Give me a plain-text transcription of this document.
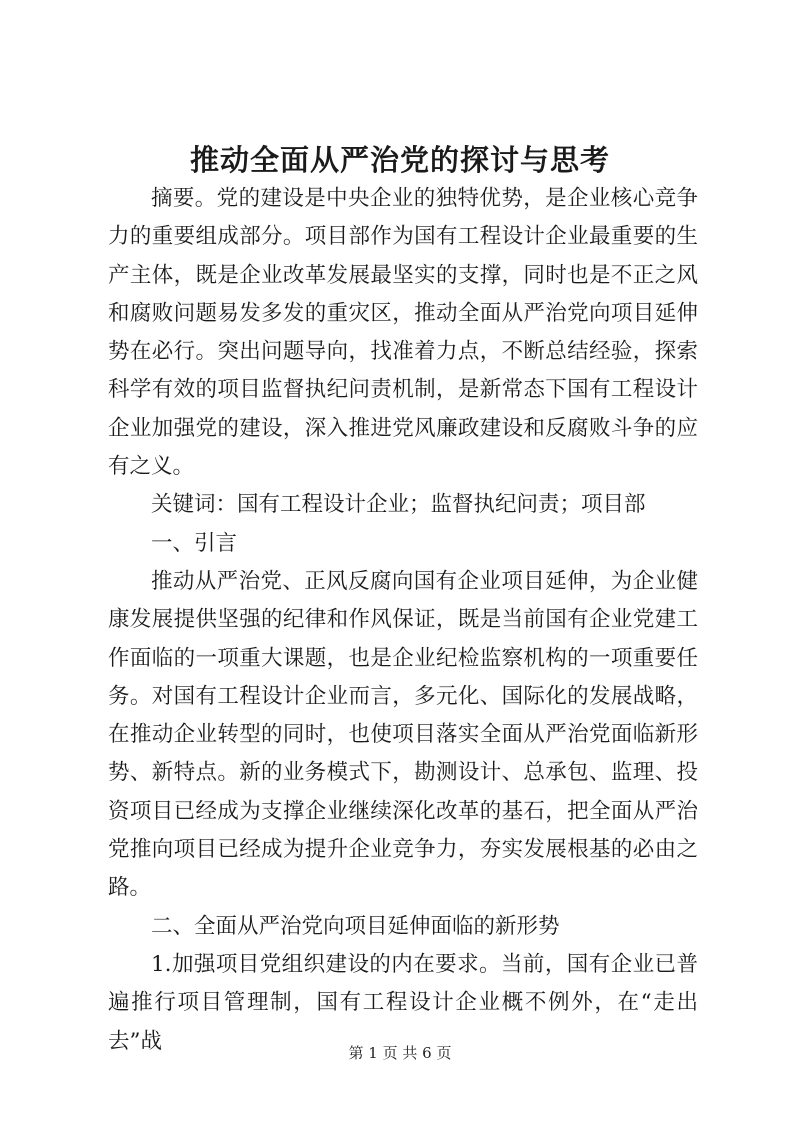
推动全面从严治党的探讨与思考

摘要。党的建设是中央企业的独特优势，是企业核心竞争力的重要组成部分。项目部作为国有工程设计企业最重要的生产主体，既是企业改革发展最坚实的支撑，同时也是不正之风和腐败问题易发多发的重灾区，推动全面从严治党向项目延伸势在必行。突出问题导向，找准着力点，不断总结经验，探索科学有效的项目监督执纪问责机制，是新常态下国有工程设计企业加强党的建设，深入推进党风廉政建设和反腐败斗争的应有之义。

关键词：国有工程设计企业；监督执纪问责；项目部

一、引言

推动从严治党、正风反腐向国有企业项目延伸，为企业健康发展提供坚强的纪律和作风保证，既是当前国有企业党建工作面临的一项重大课题，也是企业纪检监察机构的一项重要任务。对国有工程设计企业而言，多元化、国际化的发展战略，在推动企业转型的同时，也使项目落实全面从严治党面临新形势、新特点。新的业务模式下，勘测设计、总承包、监理、投资项目已经成为支撑企业继续深化改革的基石，把全面从严治党推向项目已经成为提升企业竞争力，夯实发展根基的必由之路。

二、全面从严治党向项目延伸面临的新形势

1.加强项目党组织建设的内在要求。当前，国有企业已普遍推行项目管理制，国有工程设计企业概不例外，在“走出去”战	第 1 页 共 6 页
